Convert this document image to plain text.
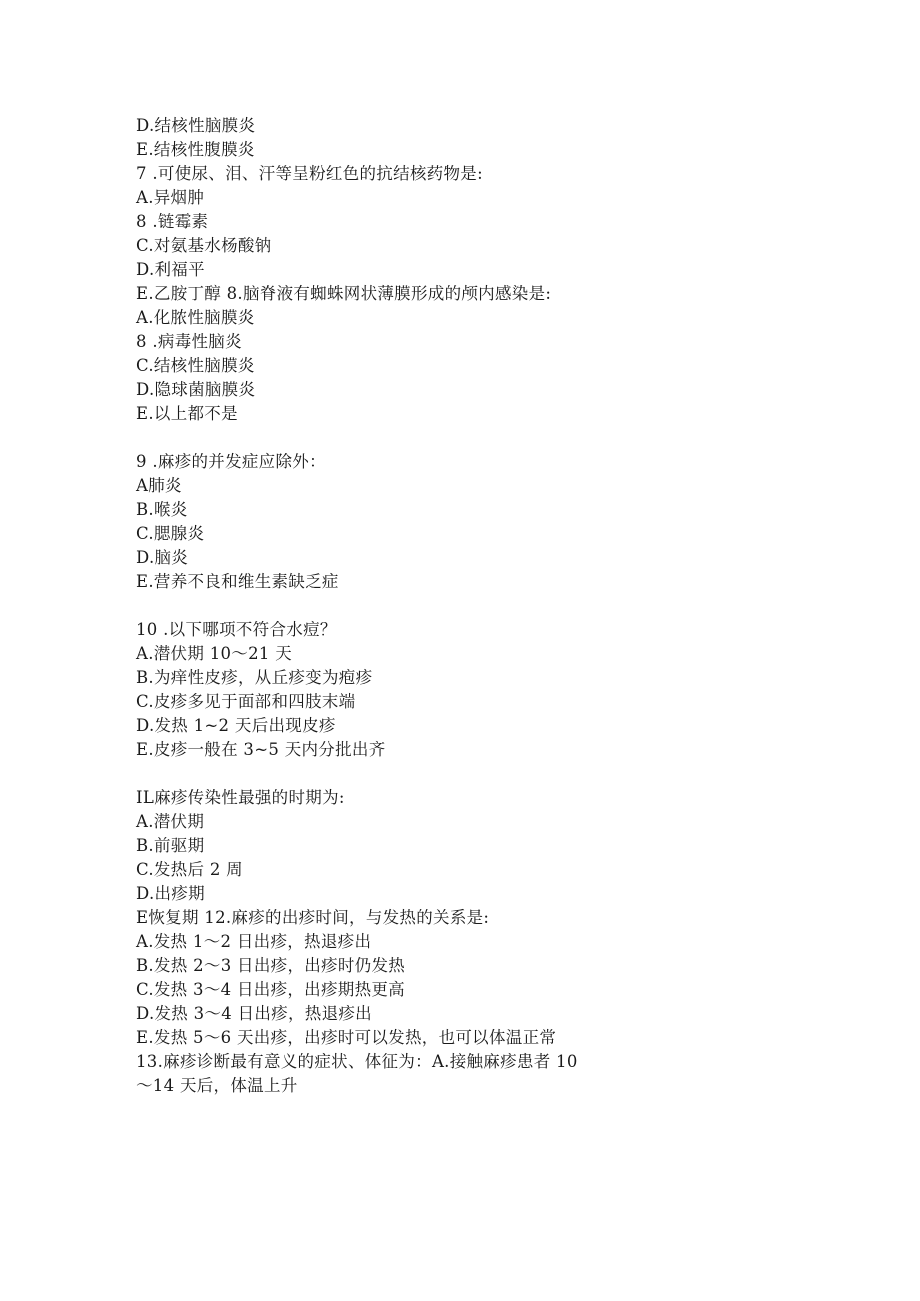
D.结核性脑膜炎
E.结核性腹膜炎
7 .可使尿、泪、汗等呈粉红色的抗结核药物是:
A.异烟肿
8 .链霉素
C.对氨基水杨酸钠
D.利福平
E.乙胺丁醇 8.脑脊液有蜘蛛网状薄膜形成的颅内感染是:
A.化脓性脑膜炎
8 .病毒性脑炎
C.结核性脑膜炎
D.隐球菌脑膜炎
E.以上都不是
9 .麻疹的并发症应除外：
A肺炎
B.喉炎
C.腮腺炎
D.脑炎
E.营养不良和维生素缺乏症
10 .以下哪项不符合水痘？
A.潜伏期 10～21 天
B.为痒性皮疹，从丘疹变为疱疹
C.皮疹多见于面部和四肢末端
D.发热 1~2 天后出现皮疹
E.皮疹一般在 3~5 天内分批出齐
IL麻疹传染性最强的时期为:
A.潜伏期
B.前驱期
C.发热后 2 周
D.出疹期
E恢复期 12.麻疹的出疹时间，与发热的关系是:
A.发热 1～2 日出疹，热退疹出
B.发热 2～3 日出疹，出疹时仍发热
C.发热 3～4 日出疹，出疹期热更高
D.发热 3～4 日出疹，热退疹出
E.发热 5～6 天出疹，出疹时可以发热，也可以体温正常
13.麻疹诊断最有意义的症状、体征为：A.接触麻疹患者 10
～14 天后，体温上升
